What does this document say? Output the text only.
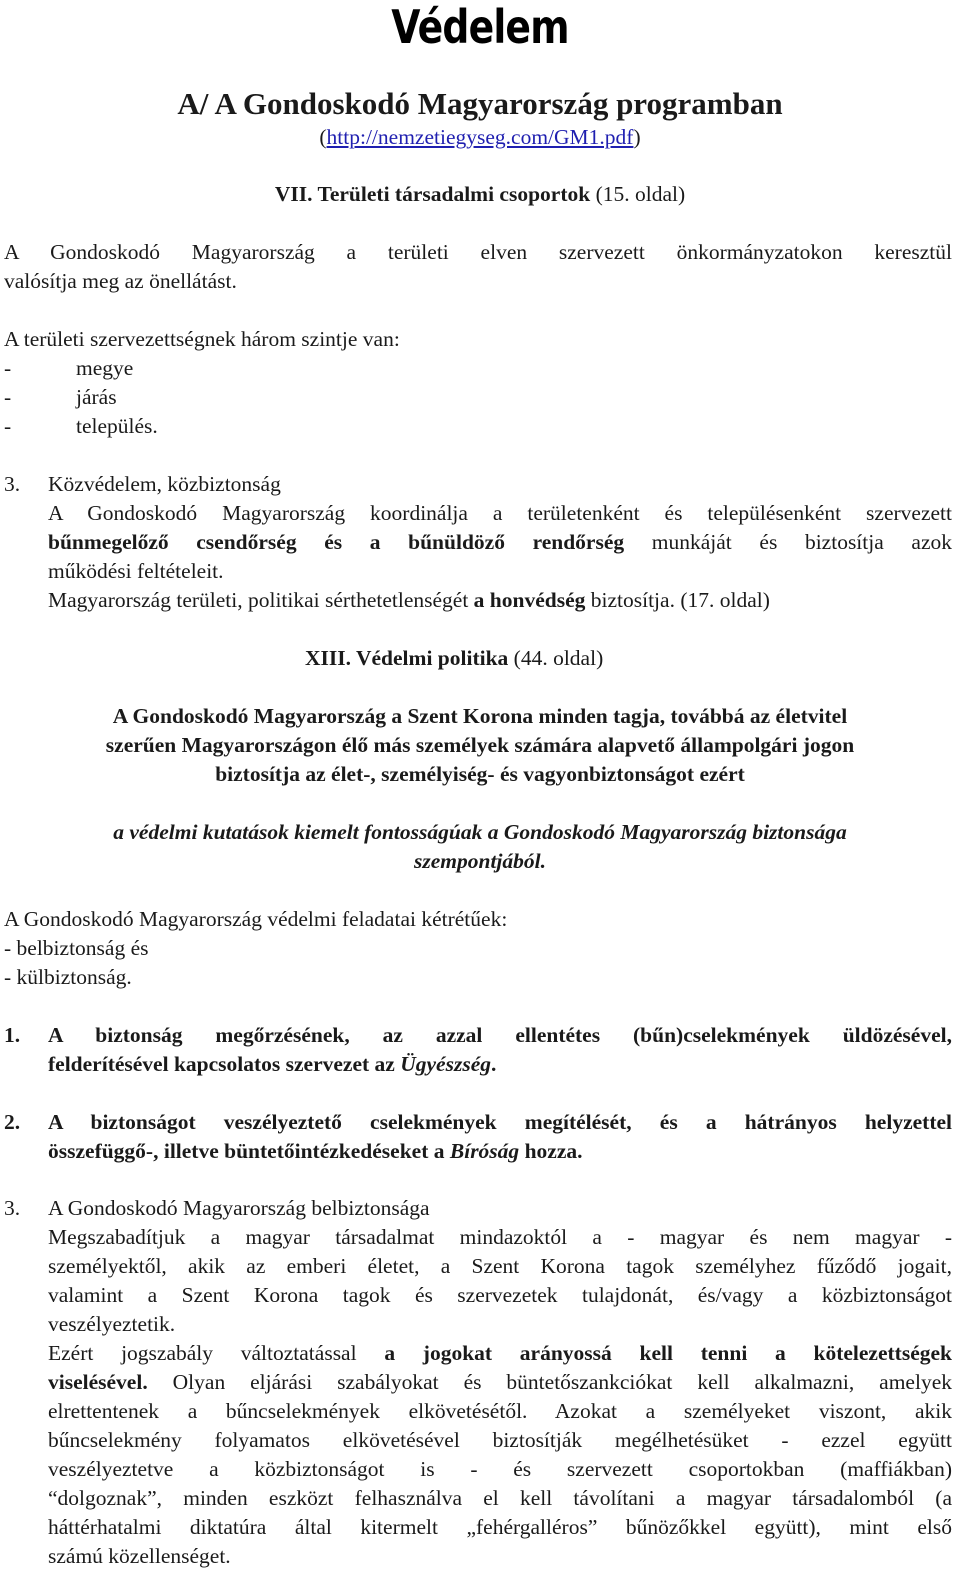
Védelem
A/ A Gondoskodó Magyarország programban
(http://nemzetiegyseg.com/GM1.pdf)
VII. Területi társadalmi csoportok (15. oldal)
A Gondoskodó Magyarország a területi elven szervezett önkormányzatokon keresztül
valósítja meg az önellátást.
A területi szervezettségnek három szintje van:
-	megye
-	járás
-	település.
3. Közvédelem, közbiztonság
A Gondoskodó Magyarország koordinálja a területenként és településenként szervezett
bűnmegelőző csendőrség és a bűnüldöző rendőrség munkáját és biztosítja azok
működési feltételeit.
Magyarország területi, politikai sérthetetlenségét a honvédség biztosítja. (17. oldal)
XIII. Védelmi politika (44. oldal)
A Gondoskodó Magyarország a Szent Korona minden tagja, továbbá az életvitel
szerűen Magyarországon élő más személyek számára alapvető állampolgári jogon
biztosítja az élet-, személyiség- és vagyonbiztonságot ezért
a védelmi kutatások kiemelt fontosságúak a Gondoskodó Magyarország biztonsága
szempontjából.
A Gondoskodó Magyarország védelmi feladatai kétrétűek:
- belbiztonság és
- külbiztonság.
1. A biztonság megőrzésének, az azzal ellentétes (bűn)cselekmények üldözésével,
felderítésével kapcsolatos szervezet az Ügyészség.
2. A biztonságot veszélyeztető cselekmények megítélését, és a hátrányos helyzettel
összefüggő-, illetve büntetőintézkedéseket a Bíróság hozza.
3. A Gondoskodó Magyarország belbiztonsága
Megszabadítjuk a magyar társadalmat mindazoktól a - magyar és nem magyar -
személyektől, akik az emberi életet, a Szent Korona tagok személyhez fűződő jogait,
valamint a Szent Korona tagok és szervezetek tulajdonát, és/vagy a közbiztonságot
veszélyeztetik.
Ezért jogszabály változtatással a jogokat arányossá kell tenni a kötelezettségek
viselésével. Olyan eljárási szabályokat és büntetőszankciókat kell alkalmazni, amelyek
elrettentenek a bűncselekmények elkövetésétől. Azokat a személyeket viszont, akik
bűncselekmény folyamatos elkövetésével biztosítják megélhetésüket - ezzel együtt
veszélyeztetve a közbiztonságot is - és szervezett csoportokban (maffiákban)
“dolgoznak”, minden eszközt felhasználva el kell távolítani a magyar társadalomból (a
háttérhatalmi diktatúra által kitermelt „fehérgalléros” bűnözőkkel együtt), mint első
számú közellenséget.
